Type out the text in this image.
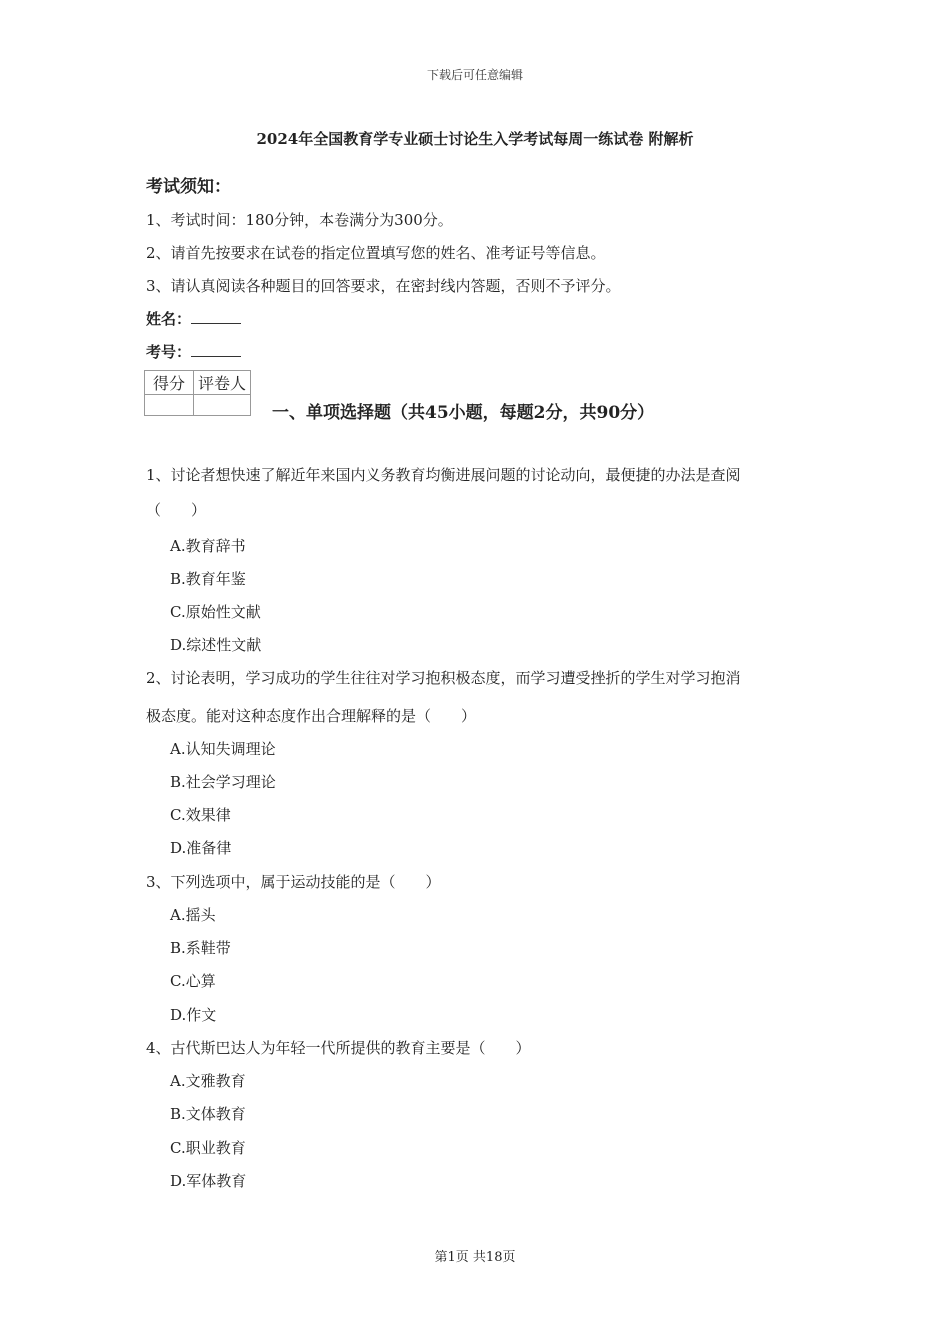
下载后可任意编辑
2024年全国教育学专业硕士讨论生入学考试每周一练试卷 附解析
考试须知：
1、考试时间：180分钟，本卷满分为300分。
2、请首先按要求在试卷的指定位置填写您的姓名、准考证号等信息。
3、请认真阅读各种题目的回答要求，在密封线内答题，否则不予评分。
姓名：
考号：
得分	评卷人

一、单项选择题（共45小题，每题2分，共90分）
1、讨论者想快速了解近年来国内义务教育均衡进展问题的讨论动向，最便捷的办法是查阅
（　　）
A.教育辞书
B.教育年鉴
C.原始性文献
D.综述性文献
2、讨论表明，学习成功的学生往往对学习抱积极态度，而学习遭受挫折的学生对学习抱消
极态度。能对这种态度作出合理解释的是（　　）
A.认知失调理论
B.社会学习理论
C.效果律
D.准备律
3、下列选项中，属于运动技能的是（　　）
A.摇头
B.系鞋带
C.心算
D.作文
4、古代斯巴达人为年轻一代所提供的教育主要是（　　）
A.文雅教育
B.文体教育
C.职业教育
D.军体教育
第1页 共18页
